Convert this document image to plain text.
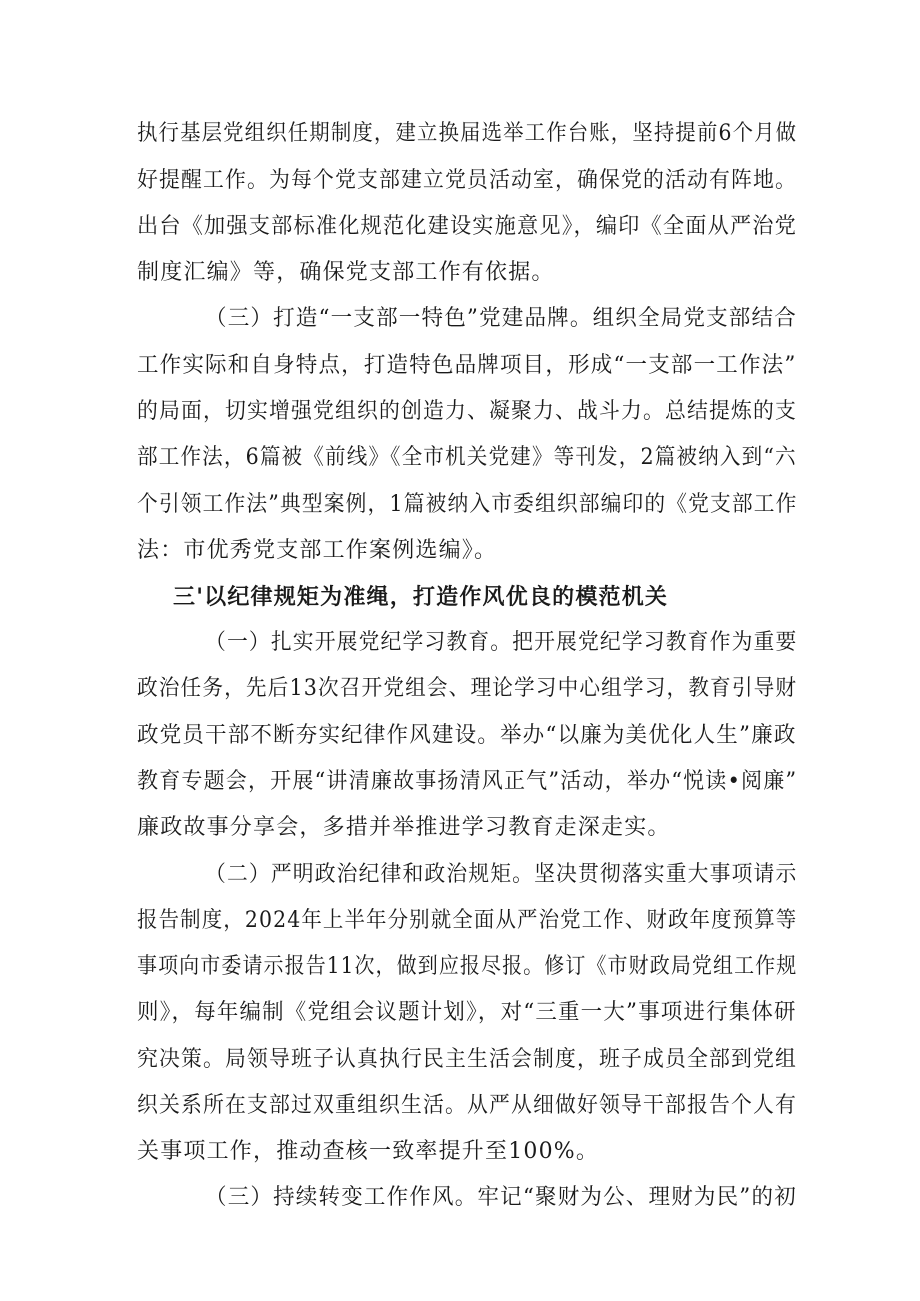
执行基层党组织任期制度，建立换届选举工作台账，坚持提前6个月做
好提醒工作。为每个党支部建立党员活动室，确保党的活动有阵地。
出台《加强支部标准化规范化建设实施意见》，编印《全面从严治党
制度汇编》等，确保党支部工作有依据。
（三）打造“一支部一特色”党建品牌。组织全局党支部结合
工作实际和自身特点，打造特色品牌项目，形成“一支部一工作法”
的局面，切实增强党组织的创造力、凝聚力、战斗力。总结提炼的支
部工作法，6篇被《前线》《全市机关党建》等刊发，2篇被纳入到“六
个引领工作法”典型案例，1篇被纳入市委组织部编印的《党支部工作
法：市优秀党支部工作案例选编》。
三'以纪律规矩为准绳，打造作风优良的模范机关
（一）扎实开展党纪学习教育。把开展党纪学习教育作为重要
政治任务，先后13次召开党组会、理论学习中心组学习，教育引导财
政党员干部不断夯实纪律作风建设。举办“以廉为美优化人生”廉政
教育专题会，开展“讲清廉故事扬清风正气”活动，举办“悦读•阅廉”
廉政故事分享会，多措并举推进学习教育走深走实。
（二）严明政治纪律和政治规矩。坚决贯彻落实重大事项请示
报告制度，2024年上半年分别就全面从严治党工作、财政年度预算等
事项向市委请示报告11次，做到应报尽报。修订《市财政局党组工作规
则》，每年编制《党组会议题计划》，对“三重一大”事项进行集体研
究决策。局领导班子认真执行民主生活会制度，班子成员全部到党组
织关系所在支部过双重组织生活。从严从细做好领导干部报告个人有
关事项工作，推动查核一致率提升至100%。
（三）持续转变工作作风。牢记“聚财为公、理财为民”的初
